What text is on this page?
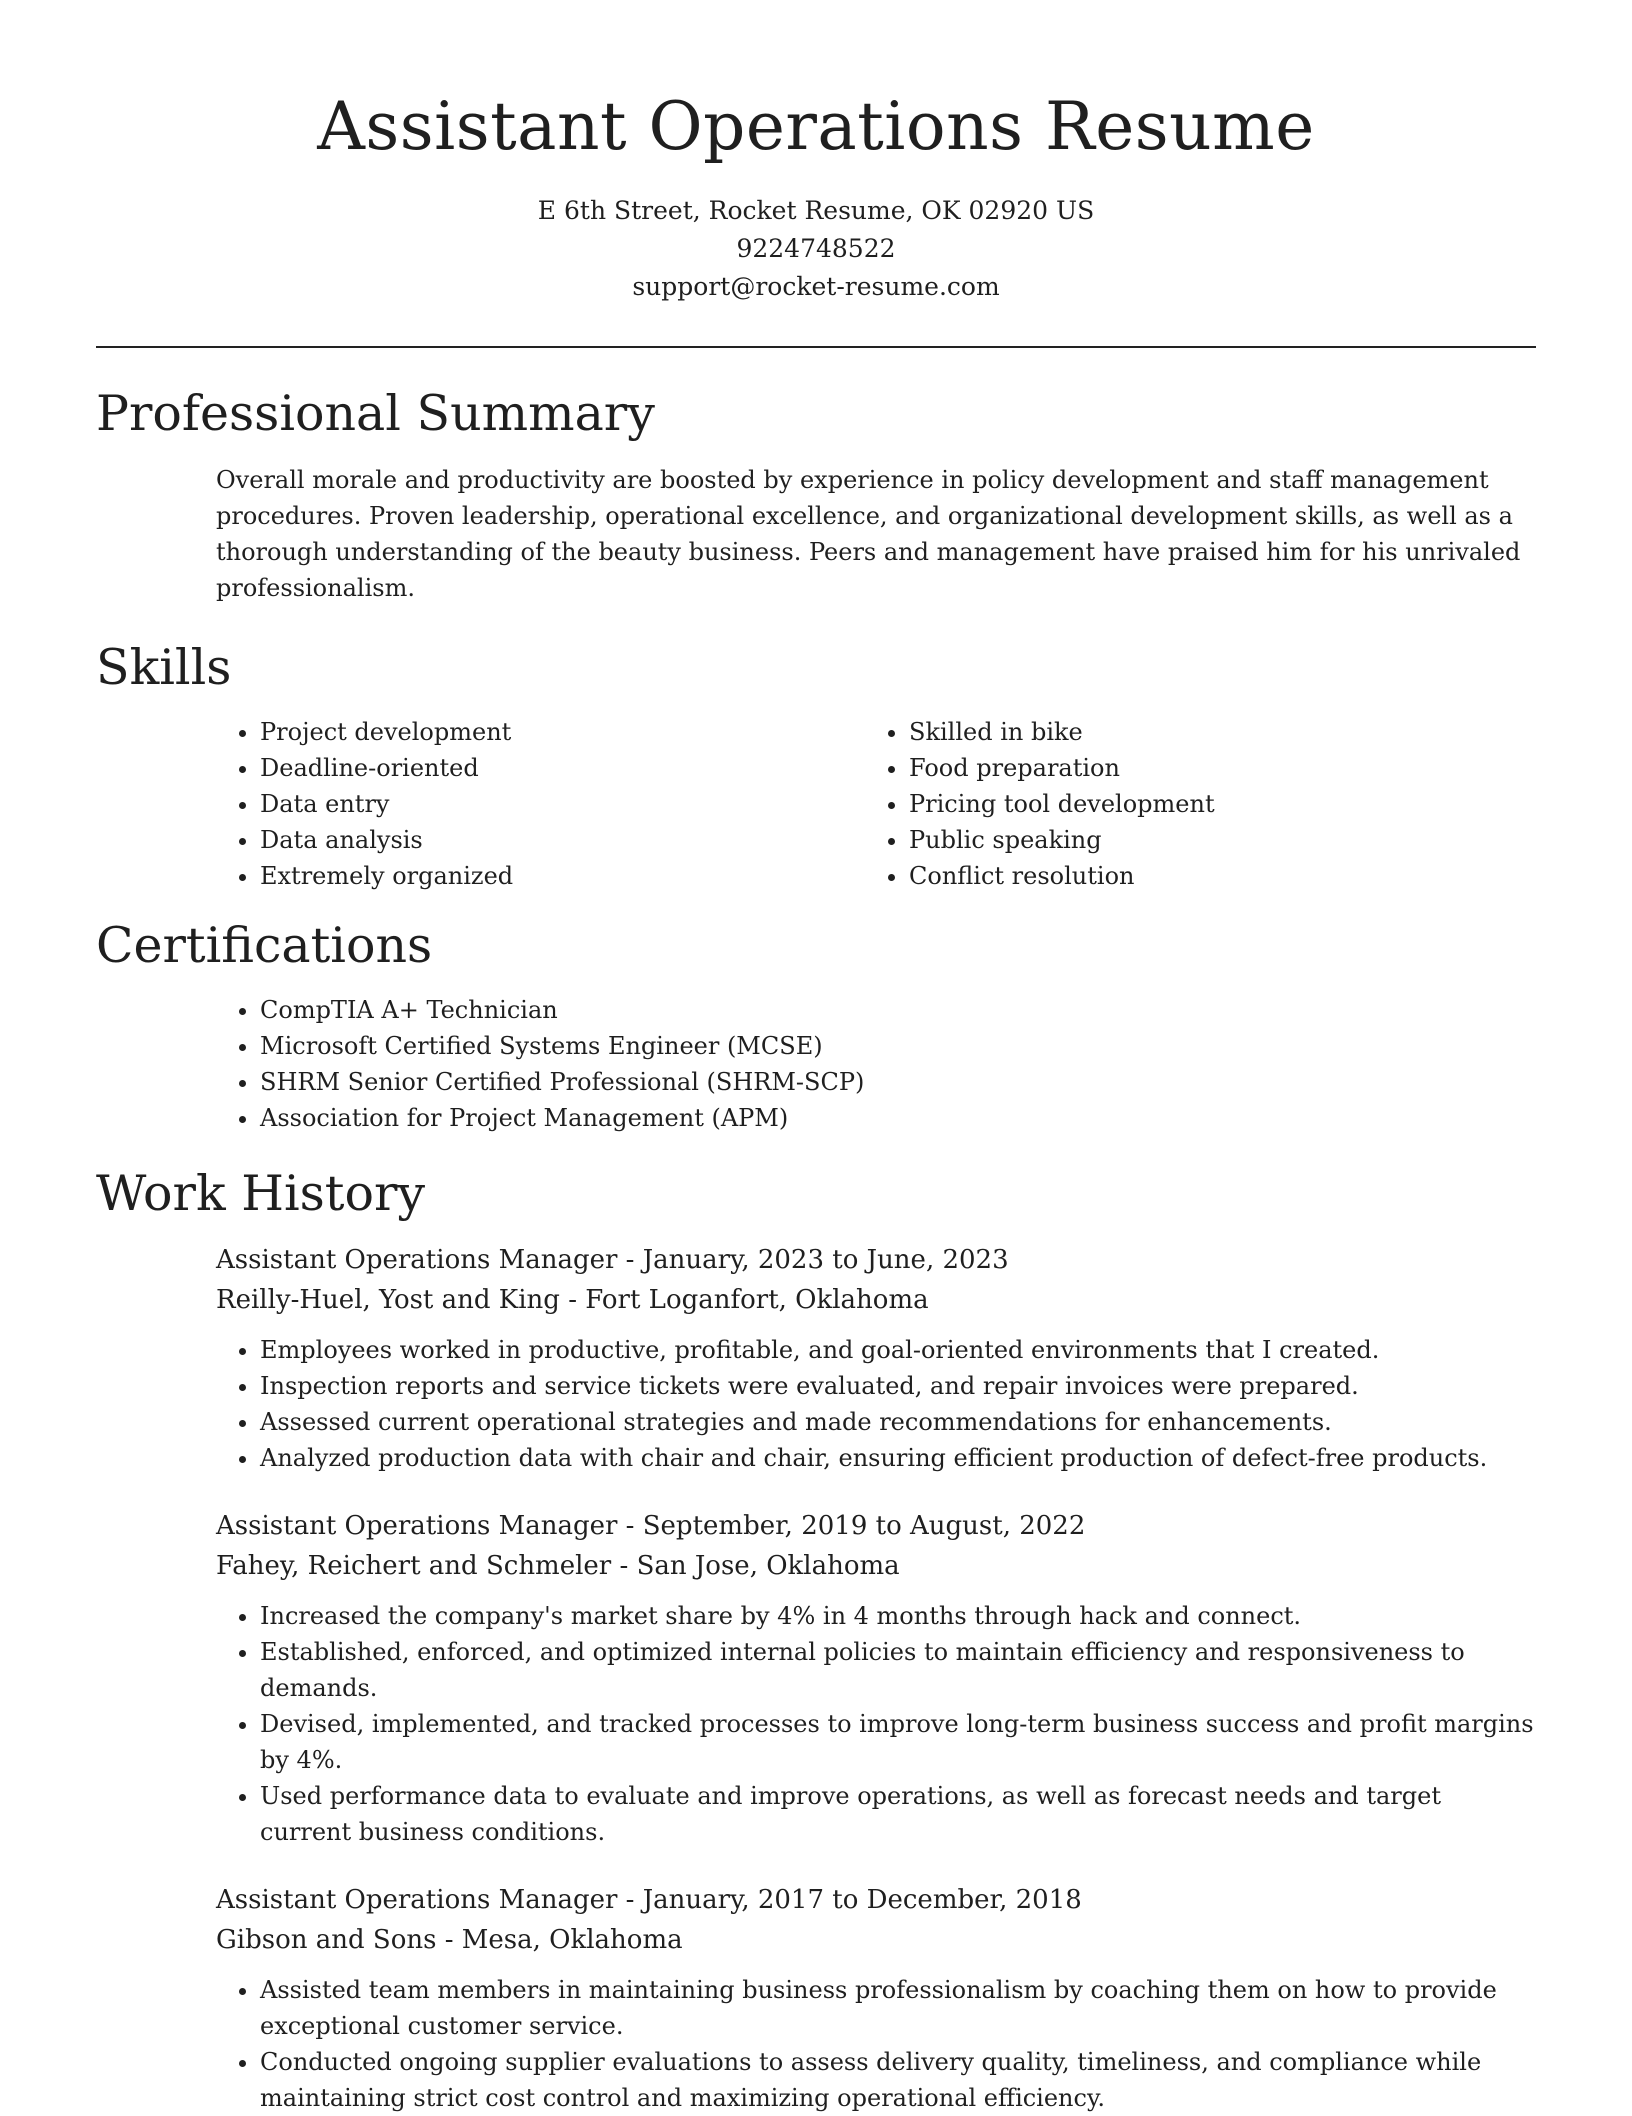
Assistant Operations Resume

E 6th Street, Rocket Resume, OK 02920 US

9224748522

support@rocket-resume.com

Professional Summary

Overall morale and productivity are boosted by experience in policy development and staff management procedures. Proven leadership, operational excellence, and organizational development skills, as well as a thorough understanding of the beauty business. Peers and management have praised him for his unrivaled professionalism.

Skills
• Project development
• Deadline-oriented
• Data entry
• Data analysis
• Extremely organized
• Skilled in bike
• Food preparation
• Pricing tool development
• Public speaking
• Conflict resolution
Certifications
• CompTIA A+ Technician
• Microsoft Certified Systems Engineer (MCSE)
• SHRM Senior Certified Professional (SHRM-SCP)
• Association for Project Management (APM)
Work History

Assistant Operations Manager - January, 2023 to June, 2023

Reilly-Huel, Yost and King - Fort Loganfort, Oklahoma

• Employees worked in productive, profitable, and goal-oriented environments that I created.
• Inspection reports and service tickets were evaluated, and repair invoices were prepared.
• Assessed current operational strategies and made recommendations for enhancements.
• Analyzed production data with chair and chair, ensuring efficient production of defect-free products.

Assistant Operations Manager - September, 2019 to August, 2022

Fahey, Reichert and Schmeler - San Jose, Oklahoma

• Increased the company's market share by 4% in 4 months through hack and connect.
• Established, enforced, and optimized internal policies to maintain efficiency and responsiveness to demands.
• Devised, implemented, and tracked processes to improve long-term business success and profit margins by 4%.
• Used performance data to evaluate and improve operations, as well as forecast needs and target current business conditions.

Assistant Operations Manager - January, 2017 to December, 2018

Gibson and Sons - Mesa, Oklahoma

• Assisted team members in maintaining business professionalism by coaching them on how to provide exceptional customer service.
• Conducted ongoing supplier evaluations to assess delivery quality, timeliness, and compliance while maintaining strict cost control and maximizing operational efficiency.
